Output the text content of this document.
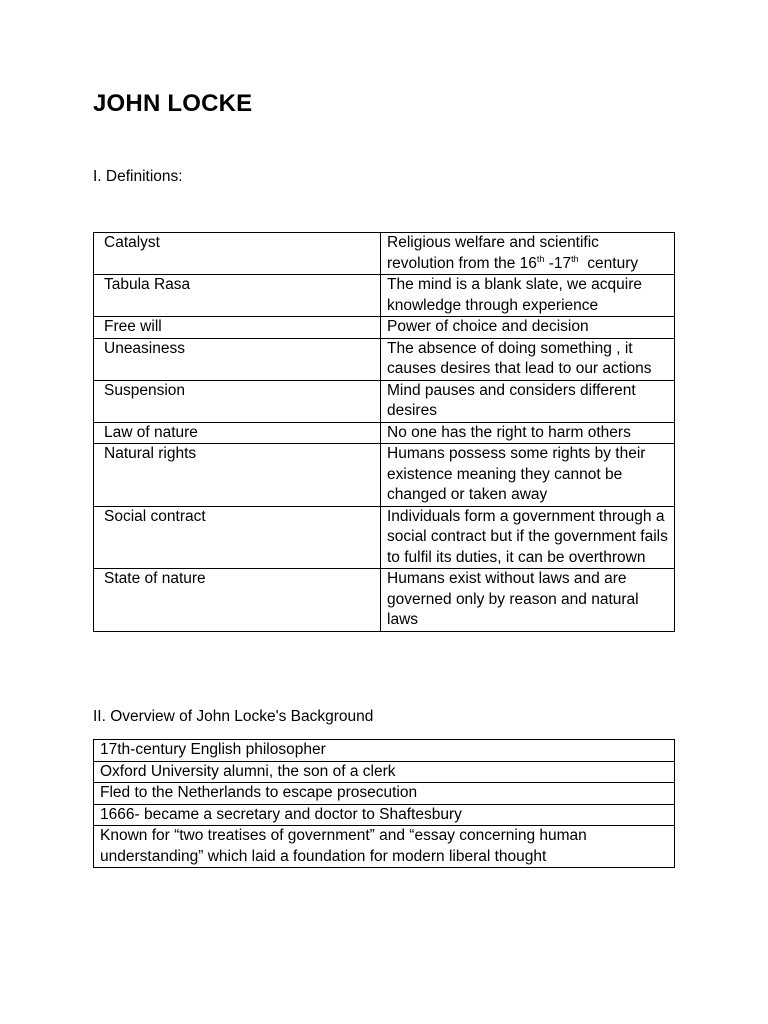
JOHN LOCKE

I. Definitions:

Catalyst	Religious welfare and scientific revolution from the 16th -17th  century
Tabula Rasa	The mind is a blank slate, we acquire knowledge through experience
Free will	Power of choice and decision
Uneasiness	The absence of doing something , it causes desires that lead to our actions
Suspension	Mind pauses and considers different desires
Law of nature	No one has the right to harm others
Natural rights	Humans possess some rights by their existence meaning they cannot be changed or taken away
Social contract	Individuals form a government through a social contract but if the government fails to fulfil its duties, it can be overthrown
State of nature	Humans exist without laws and are governed only by reason and natural laws

II. Overview of John Locke's Background

17th-century English philosopher
Oxford University alumni, the son of a clerk
Fled to the Netherlands to escape prosecution
1666- became a secretary and doctor to Shaftesbury
Known for “two treatises of government” and “essay concerning human understanding” which laid a foundation for modern liberal thought
